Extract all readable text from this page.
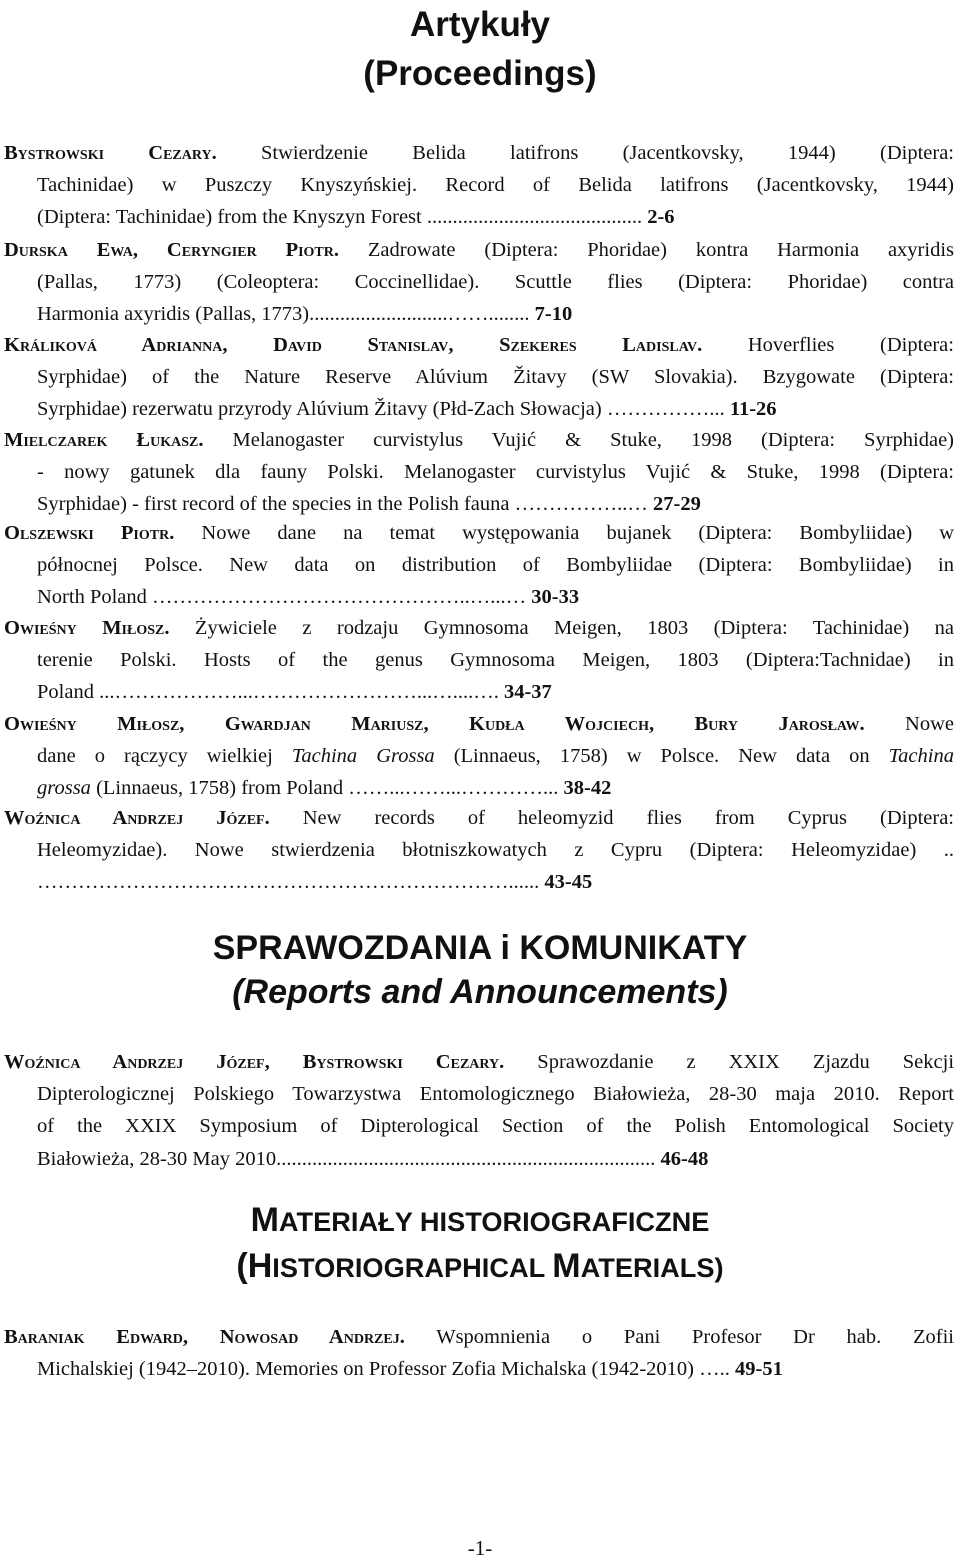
Artykuły

(Proceedings)

Bystrowski Cezary. Stwierdzenie Belida latifrons (Jacentkovsky, 1944) (Diptera:
Tachinidae) w Puszczy Knyszyńskiej. Record of Belida latifrons (Jacentkovsky, 1944)
(Diptera: Tachinidae) from the Knyszyn Forest .......................................... 2-6
Durska Ewa, Ceryngier Piotr. Zadrowate (Diptera: Phoridae) kontra Harmonia axyridis
(Pallas, 1773) (Coleoptera: Coccinellidae). Scuttle flies (Diptera: Phoridae) contra
Harmonia axyridis (Pallas, 1773)...........................……........ 7-10
Králiková Adrianna, David Stanislav, Szekeres Ladislav. Hoverflies (Diptera:
Syrphidae) of the Nature Reserve Alúvium Žitavy (SW Slovakia). Bzygowate (Diptera:
Syrphidae) rezerwatu przyrody Alúvium Žitavy (Płd-Zach Słowacja) ……………... 11-26
Mielczarek Łukasz. Melanogaster curvistylus Vujić & Stuke, 1998 (Diptera: Syrphidae)
- nowy gatunek dla fauny Polski. Melanogaster curvistylus Vujić & Stuke, 1998 (Diptera:
Syrphidae) - first record of the species in the Polish fauna ……………..… 27-29
Olszewski Piotr. Nowe dane na temat występowania bujanek (Diptera: Bombyliidae) w
północnej Polsce. New data on distribution of Bombyliidae (Diptera: Bombyliidae) in
North Poland ………………………………………..…...… 30-33
Owieśny Miłosz. Żywiciele z rodzaju Gymnosoma Meigen, 1803 (Diptera: Tachinidae) na
terenie Polski. Hosts of the genus Gymnosoma Meigen, 1803 (Diptera:Tachnidae) in
Poland ...………………...……………………...…....…. 34-37
Owieśny Miłosz, Gwardjan Mariusz, Kudła Wojciech, Bury Jarosław. Nowe
dane o rączycy wielkiej Tachina Grossa (Linnaeus, 1758) w Polsce. New data on Tachina
grossa (Linnaeus, 1758) from Poland ……...……...…………... 38-42
Woźnica Andrzej Józef. New records of heleomyzid flies from Cyprus (Diptera:
Heleomyzidae). Nowe stwierdzenia błotniszkowatych z Cypru (Diptera: Heleomyzidae) ..
……………………………………………………………...... 43-45

SPRAWOZDANIA i KOMUNIKATY

(Reports and Announcements)

Woźnica Andrzej Józef, Bystrowski Cezary. Sprawozdanie z XXIX Zjazdu Sekcji
Dipterologicznej Polskiego Towarzystwa Entomologicznego Białowieża, 28-30 maja 2010. Report
of the XXIX Symposium of Dipterological Section of the Polish Entomological Society
Białowieża, 28-30 May 2010.......................................................................... 46-48

MATERIAŁY HISTORIOGRAFICZNE

(HISTORIOGRAPHICAL MATERIALS)

Baraniak Edward, Nowosad Andrzej. Wspomnienia o Pani Profesor Dr hab. Zofii
Michalskiej (1942–2010). Memories on Professor Zofia Michalska (1942-2010) ….. 49-51
-1-
